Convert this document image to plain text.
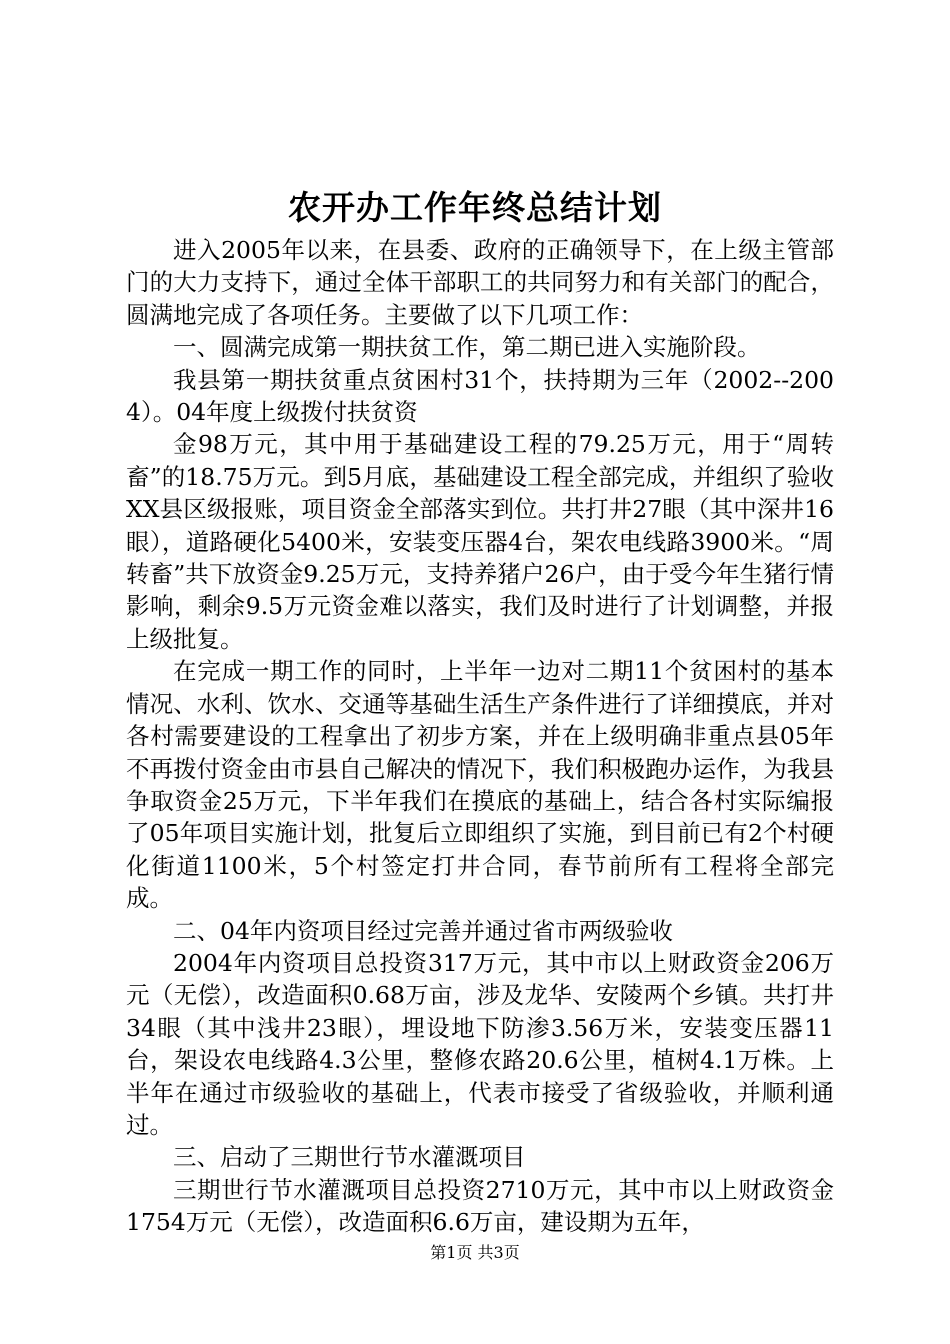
农开办工作年终总结计划

进入2005年以来，在县委、政府的正确领导下，在上级主管部门的大力支持下，通过全体干部职工的共同努力和有关部门的配合，圆满地完成了各项任务。主要做了以下几项工作：

一、圆满完成第一期扶贫工作，第二期已进入实施阶段。

我县第一期扶贫重点贫困村31个，扶持期为三年（2002--2004）。04年度上级拨付扶贫资

金98万元，其中用于基础建设工程的79.25万元，用于“周转畜”的18.75万元。到5月底，基础建设工程全部完成，并组织了验收XX县区级报账，项目资金全部落实到位。共打井27眼（其中深井16眼），道路硬化5400米，安装变压器4台，架农电线路3900米。“周转畜”共下放资金9.25万元，支持养猪户26户，由于受今年生猪行情影响，剩余9.5万元资金难以落实，我们及时进行了计划调整，并报上级批复。

在完成一期工作的同时，上半年一边对二期11个贫困村的基本情况、水利、饮水、交通等基础生活生产条件进行了详细摸底，并对各村需要建设的工程拿出了初步方案，并在上级明确非重点县05年不再拨付资金由市县自己解决的情况下，我们积极跑办运作，为我县争取资金25万元，下半年我们在摸底的基础上，结合各村实际编报了05年项目实施计划，批复后立即组织了实施，到目前已有2个村硬化街道1100米，5个村签定打井合同，春节前所有工程将全部完成。

二、04年内资项目经过完善并通过省市两级验收

2004年内资项目总投资317万元，其中市以上财政资金206万元（无偿），改造面积0.68万亩，涉及龙华、安陵两个乡镇。共打井34眼（其中浅井23眼），埋设地下防渗3.56万米，安装变压器11台，架设农电线路4.3公里，整修农路20.6公里，植树4.1万株。上半年在通过市级验收的基础上，代表市接受了省级验收，并顺利通过。

三、启动了三期世行节水灌溉项目

三期世行节水灌溉项目总投资2710万元，其中市以上财政资金1754万元（无偿），改造面积6.6万亩，建设期为五年，

第1页 共3页
